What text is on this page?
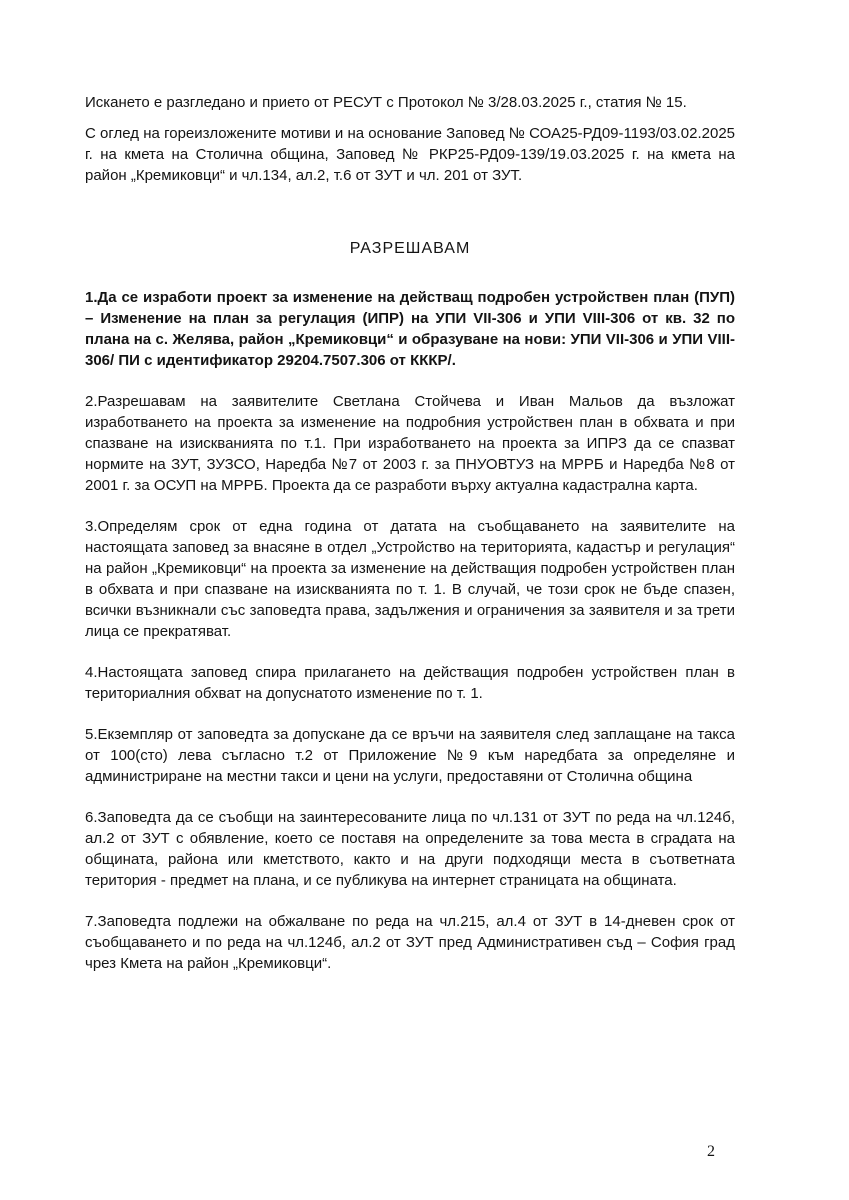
Искането е разгледано и прието от РЕСУТ с Протокол № 3/28.03.2025 г., статия № 15.

С оглед на гореизложените мотиви и на основание Заповед № СОА25-РД09-1193/03.02.2025 г. на кмета на Столична община, Заповед № РКР25-РД09-139/19.03.2025 г. на кмета на район „Кремиковци“ и чл.134, ал.2, т.6 от ЗУТ и чл. 201 от ЗУТ.

РАЗРЕШАВАМ

1.Да се изработи проект за изменение на действащ подробен устройствен план (ПУП) – Изменение на план за регулация (ИПР) на УПИ VII-306 и УПИ VIII-306 от кв. 32 по плана на с. Желява, район „Кремиковци“ и образуване на нови: УПИ VII-306 и УПИ VIII-306/ ПИ с идентификатор 29204.7507.306 от КККР/.

2.Разрешавам на заявителите Светлана Стойчева и Иван Мальов да възложат изработването на проекта за изменение на подробния устройствен план в обхвата и при спазване на изискванията по т.1. При изработването на проекта за ИПРЗ да се спазват нормите на ЗУТ, ЗУЗСО, Наредба №7 от 2003 г. за ПНУОВТУЗ на МРРБ и Наредба №8 от 2001 г. за ОСУП на МРРБ. Проекта да се разработи върху актуална кадастрална карта.

3.Определям срок от една година от датата на съобщаването на заявителите на настоящата заповед за внасяне в отдел „Устройство на територията, кадастър и регулация“ на район „Кремиковци“ на проекта за изменение на действащия подробен устройствен план в обхвата и при спазване на изискванията по т. 1. В случай, че този срок не бъде спазен, всички възникнали със заповедта права, задължения и ограничения за заявителя и за трети лица се прекратяват.

4.Настоящата заповед спира прилагането на действащия подробен устройствен план в териториалния обхват на допуснатото изменение по т. 1.

5.Екземпляр от заповедта за допускане да се връчи на заявителя след заплащане на такса от 100(сто) лева съгласно т.2 от Приложение №9 към наредбата за определяне и администриране на местни такси и цени на услуги, предоставяни от Столична община

6.Заповедта да се съобщи на заинтересованите лица по чл.131 от ЗУТ по реда на чл.124б, ал.2 от ЗУТ с обявление, което се поставя на определените за това места в сградата на общината, района или кметството, както и на други подходящи места в съответната територия - предмет на плана, и се публикува на интернет страницата на общината.

7.Заповедта подлежи на обжалване по реда на чл.215, ал.4 от ЗУТ в 14-дневен срок от съобщаването и по реда на чл.124б, ал.2 от ЗУТ пред Административен съд – София град чрез Кмета на район „Кремиковци“.

2
